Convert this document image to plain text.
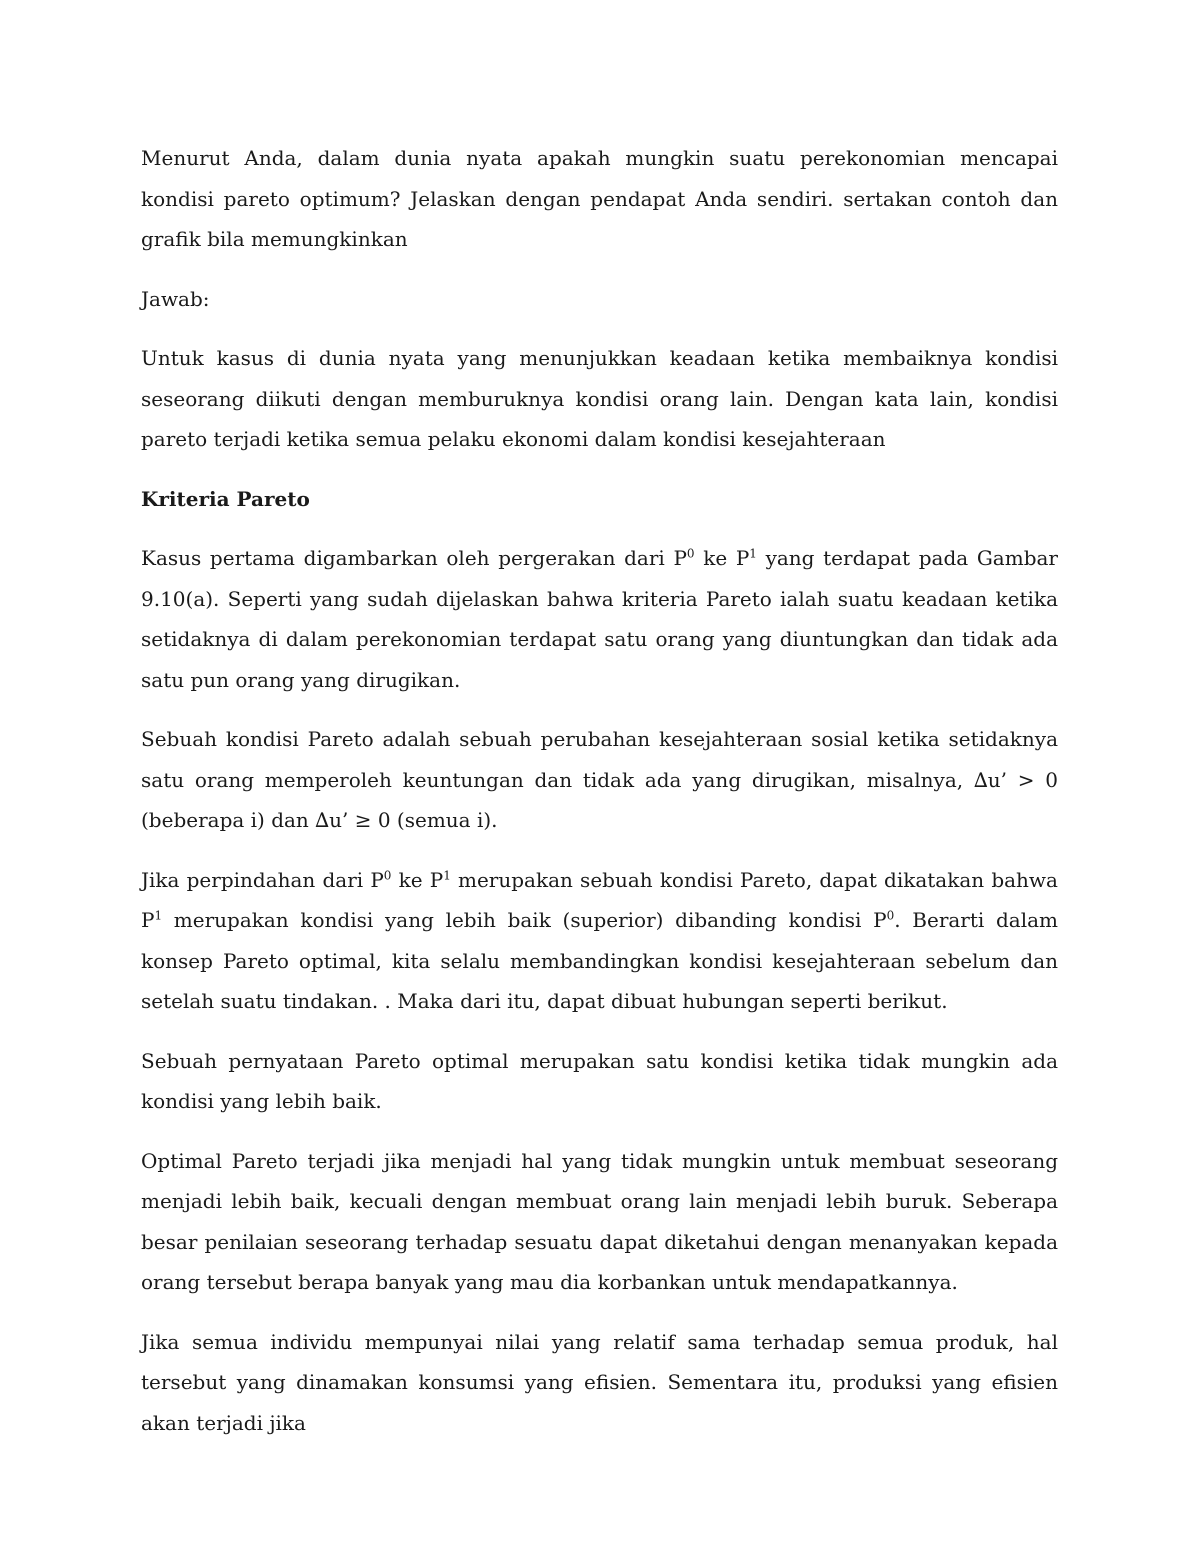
Menurut Anda, dalam dunia nyata apakah mungkin suatu perekonomian mencapai kondisi pareto optimum? Jelaskan dengan pendapat Anda sendiri. sertakan contoh dan grafik bila memungkinkan

Jawab:

Untuk kasus di dunia nyata yang menunjukkan keadaan ketika membaiknya kondisi seseorang diikuti dengan memburuknya kondisi orang lain. Dengan kata lain, kondisi pareto terjadi ketika semua pelaku ekonomi dalam kondisi kesejahteraan

Kriteria Pareto

Kasus pertama digambarkan oleh pergerakan dari $P^0$ ke $P^1$ yang terdapat pada Gambar 9.10(a). Seperti yang sudah dijelaskan bahwa kriteria Pareto ialah suatu keadaan ketika setidaknya di dalam perekonomian terdapat satu orang yang diuntungkan dan tidak ada satu pun orang yang dirugikan.

Sebuah kondisi Pareto adalah sebuah perubahan kesejahteraan sosial ketika setidaknya satu orang memperoleh keuntungan dan tidak ada yang dirugikan, misalnya, ∆u’ > 0 (beberapa i) dan ∆u’ ≥ 0 (semua i).

Jika perpindahan dari $P^0$ ke $P^1$ merupakan sebuah kondisi Pareto, dapat dikatakan bahwa $P^1$ merupakan kondisi yang lebih baik (superior) dibanding kondisi $P^0$. Berarti dalam konsep Pareto optimal, kita selalu membandingkan kondisi kesejahteraan sebelum dan setelah suatu tindakan. . Maka dari itu, dapat dibuat hubungan seperti berikut.

Sebuah pernyataan Pareto optimal merupakan satu kondisi ketika tidak mungkin ada kondisi yang lebih baik.

Optimal Pareto terjadi jika menjadi hal yang tidak mungkin untuk membuat seseorang menjadi lebih baik, kecuali dengan membuat orang lain menjadi lebih buruk. Seberapa besar penilaian seseorang terhadap sesuatu dapat diketahui dengan menanyakan kepada orang tersebut berapa banyak yang mau dia korbankan untuk mendapatkannya.

Jika semua individu mempunyai nilai yang relatif sama terhadap semua produk, hal tersebut yang dinamakan konsumsi yang efisien. Sementara itu, produksi yang efisien akan terjadi jika
